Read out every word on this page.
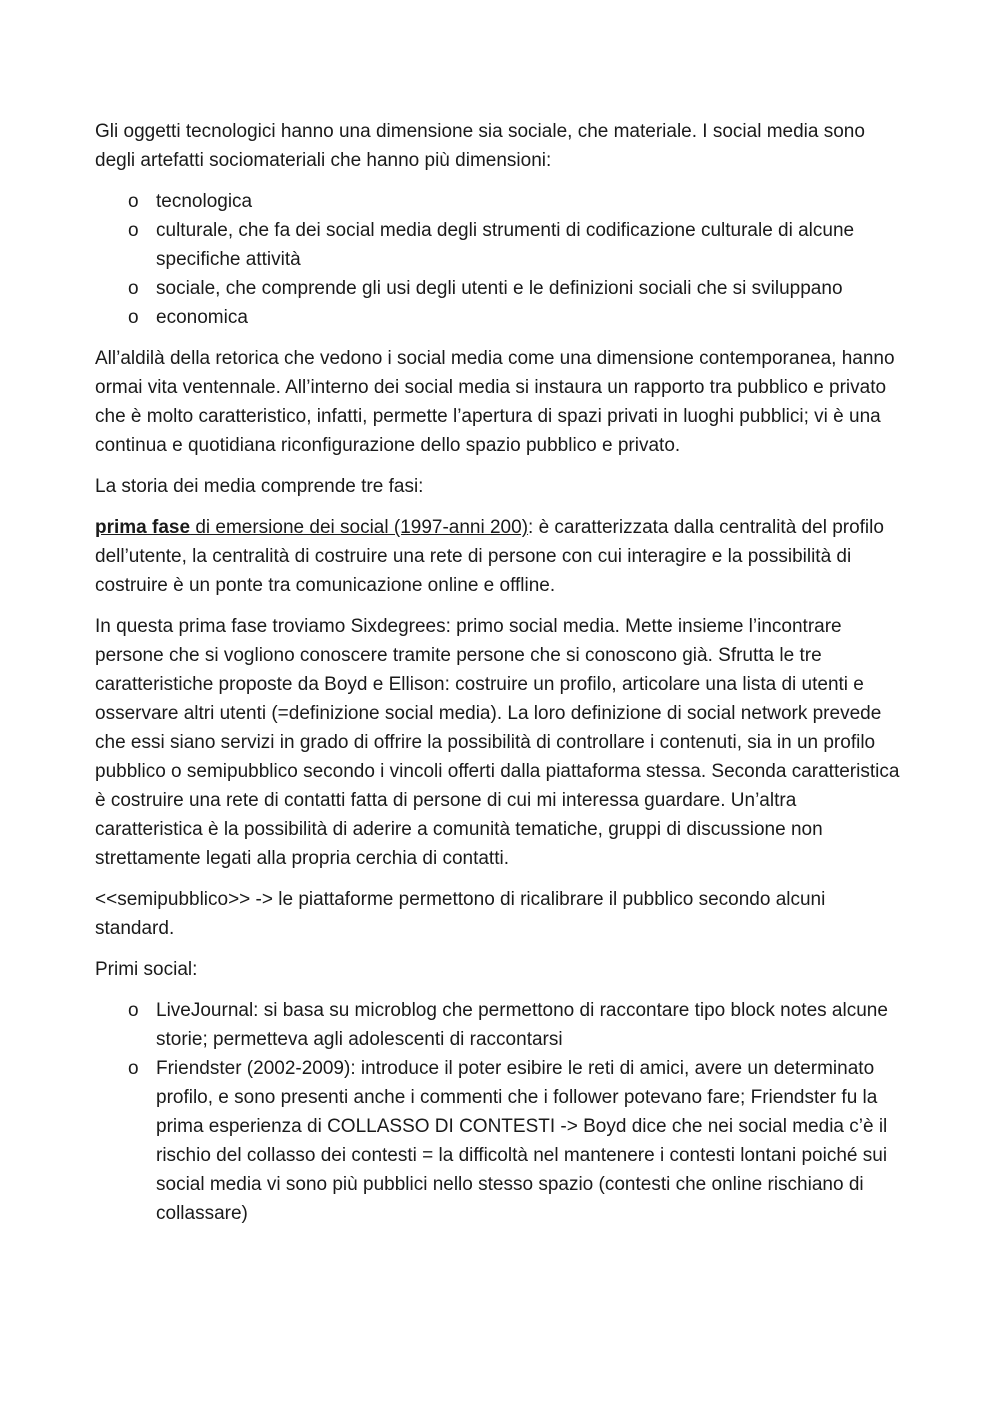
Gli oggetti tecnologici hanno una dimensione sia sociale, che materiale. I social media sono degli artefatti sociomateriali che hanno più dimensioni:

o tecnologica
o culturale, che fa dei social media degli strumenti di codificazione culturale di alcune specifiche attività
o sociale, che comprende gli usi degli utenti e le definizioni sociali che si sviluppano
o economica

All’aldilà della retorica che vedono i social media come una dimensione contemporanea, hanno ormai vita ventennale. All’interno dei social media si instaura un rapporto tra pubblico e privato che è molto caratteristico, infatti, permette l’apertura di spazi privati in luoghi pubblici; vi è una continua e quotidiana riconfigurazione dello spazio pubblico e privato.

La storia dei media comprende tre fasi:

prima fase di emersione dei social (1997-anni 200): è caratterizzata dalla centralità del profilo dell’utente, la centralità di costruire una rete di persone con cui interagire e la possibilità di costruire è un ponte tra comunicazione online e offline.

In questa prima fase troviamo Sixdegrees: primo social media. Mette insieme l’incontrare persone che si vogliono conoscere tramite persone che si conoscono già. Sfrutta le tre caratteristiche proposte da Boyd e Ellison: costruire un profilo, articolare una lista di utenti e osservare altri utenti (=definizione social media). La loro definizione di social network prevede che essi siano servizi in grado di offrire la possibilità di controllare i contenuti, sia in un profilo pubblico o semipubblico secondo i vincoli offerti dalla piattaforma stessa. Seconda caratteristica è costruire una rete di contatti fatta di persone di cui mi interessa guardare. Un’altra caratteristica è la possibilità di aderire a comunità tematiche, gruppi di discussione non strettamente legati alla propria cerchia di contatti.

<<semipubblico>> -> le piattaforme permettono di ricalibrare il pubblico secondo alcuni standard.

Primi social:

o LiveJournal: si basa su microblog che permettono di raccontare tipo block notes alcune storie; permetteva agli adolescenti di raccontarsi
o Friendster (2002-2009): introduce il poter esibire le reti di amici, avere un determinato profilo, e sono presenti anche i commenti che i follower potevano fare; Friendster fu la prima esperienza di COLLASSO DI CONTESTI -> Boyd dice che nei social media c’è il rischio del collasso dei contesti = la difficoltà nel mantenere i contesti lontani poiché sui social media vi sono più pubblici nello stesso spazio (contesti che online rischiano di collassare)
